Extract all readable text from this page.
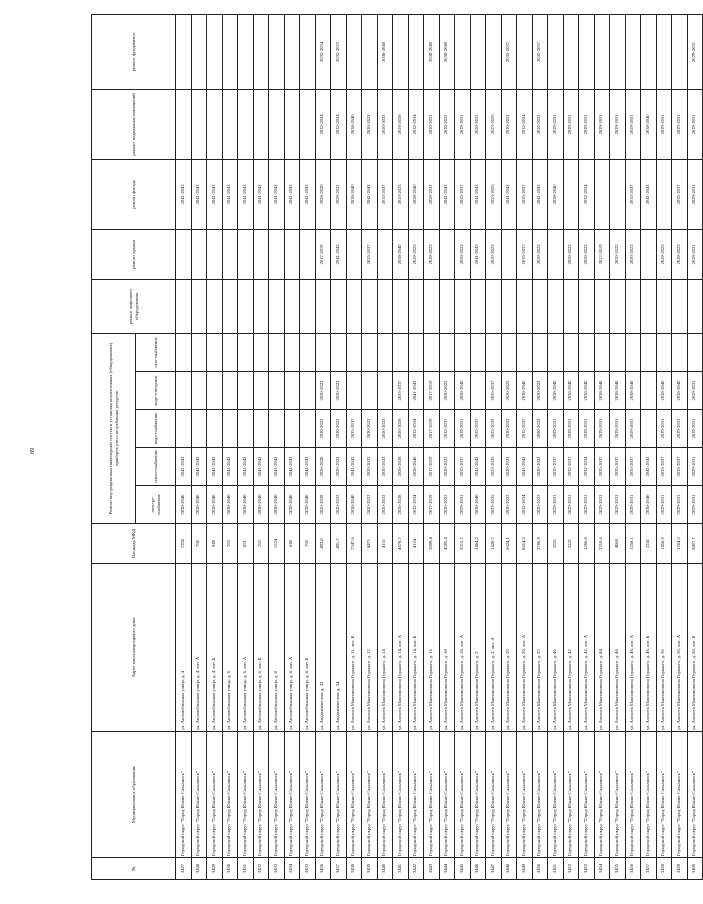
89
№	Муниципальное образование	Адрес многоквартирного дома	Площадь МКД	Ремонт внутридомовых инженерных систем и установка коллективных (общедомовых) приборов учета потребления ресурсов					ремонт лифтового оборудования	ремонт крыши	ремонт фасада	ремонт подвальных помещений	ремонт фундамента
				электро-снабжение	тепло-снабжение	водо-снабжение	водо-отведение	газо-снабжение					
3427	Городской округ "Город Южно-Сахалинск"	ул. Автомобильная улица, д. 4	1350	2038-2040	2041-2043						2041-2043		
3428	Городской округ "Город Южно-Сахалинск"	ул. Автомобильная улица, д. 4, лит. А	760	2038-2040	2041-2043						2041-2043		
3429	Городской округ "Город Южно-Сахалинск"	ул. Автомобильная улица, д. 4, лит. Б	849	2038-2040	2041-2043						2041-2043		
3430	Городской округ "Город Южно-Сахалинск"	ул. Автомобильная улица, д. 6	762	2038-2040	2041-2043						2041-2043		
3431	Городской округ "Город Южно-Сахалинск"	ул. Автомобильная улица, д. 6, лит. А	651	2038-2040	2041-2043						2041-2043		
3432	Городской округ "Город Южно-Сахалинск"	ул. Автомобильная улица, д. 6, лит. Б	762	2038-2040	2041-2043						2041-2043		
3433	Городской округ "Город Южно-Сахалинск"	ул. Автомобильная улица, д. 8	1524	2038-2040	2041-2043						2041-2043		
3434	Городской округ "Город Южно-Сахалинск"	ул. Автомобильная улица, д. 8, лит. А	648	2038-2040	2041-2043						2041-2043		
3435	Городской округ "Город Южно-Сахалинск"	ул. Автомобильная улица, д. 8, лит. Б	760	2038-2040	2041-2043						2041-2043		
3436	Городской округ "Город Южно-Сахалинск"	ул. Академическая, д. 32	493,8	2026-2028	2026-2028	2020-2022	2020-2022			2017-2019	2026-2028	2032-2034	2035-2034
3437	Городской округ "Город Южно-Сахалинск"	ул. Академическая, д. 34	491,7	2020-2022	2020-2022	2020-2022	2020-2022			2041-2043	2020-2022	2032-2034	2035-2037
3438	Городской округ "Город Южно-Сахалинск"	ул. Алексея Максимовича Горького, д. 11, лит. Б	7347,6	2038-2040	2041-2043	2035-2037					2038-2040	2038-2040	
3439	Городской округ "Город Южно-Сахалинск"	ул. Алексея Максимовича Горького, д. 12	4471	2020-2022	2020-2022	2020-2022				2035-2037	2041-2043	2020-2022	
3440	Городской округ "Город Южно-Сахалинск"	ул. Алексея Максимовича Горького, д. 14	4151	2020-2022	2020-2022	2020-2022					2035-2037	2020-2022	2038-2040
3441	Городской округ "Город Южно-Сахалинск"	ул. Алексея Максимовича Горького, д. 14, лит. А	4678,7	2026-2028	2026-2028	2026-2028	2035-2037			2038-2040	2023-2025	2026-2028	
3442	Городской округ "Город Южно-Сахалинск"	ул. Алексея Максимовича Горького, д. 14, лит. Б	4124	2032-2034	2038-2040	2032-2034	2041-2043			2020-2022	2038-2040	2032-2034	
3443	Городской округ "Город Южно-Сахалинск"	ул. Алексея Максимовича Горького, д. 16	2699,4	2017-2019	2017-2019	2017-2019	2017-2019			2020-2022	2020-2022	2020-2022	2038-2040
3444	Городской округ "Город Южно-Сахалинск"	ул. Алексея Максимовича Горького, д. 18	4395,4	2020-2022	2020-2022	2035-2037	2020-2022				2041-2043	2020-2022	2038-2040
3445	Городской округ "Город Южно-Сахалинск"	ул. Алексея Максимовича Горького, д. 18, лит. А	3215,7	2029-2031	2035-2037	2029-2031	2038-2040			2020-2022	2035-2037	2029-2031	
3446	Городской округ "Город Южно-Сахалинск"	ул. Алексея Максимовича Горького, д. 2	3464,2	2038-2040	2041-2043	2035-2037				2041-2043	2041-2043	2020-2022	
3447	Городской округ "Город Южно-Сахалинск"	ул. Алексея Максимовича Горького, д. 2, лит. А	1428,7	2023-2025	2023-2025	2023-2025	2035-2037			2020-2022	2023-2025	2023-2025	
3448	Городской округ "Город Южно-Сахалинск"	ул. Алексея Максимовича Горького, д. 20	6624,1	2020-2022	2020-2022	2020-2022	2020-2022				2041-2043	2020-2022	2035-2037
3449	Городской округ "Город Южно-Сахалинск"	ул. Алексея Максимовича Горького, д. 20, лит. А	8614,5	2032-2034	2041-2043	2035-2037	2038-2040			2035-2037	2035-2037	2032-2034	
3450	Городской округ "Город Южно-Сахалинск"	ул. Алексея Максимовича Горького, д. 22	2786,9	2020-2022	2020-2022	2020-2022	2020-2022			2020-2022	2041-2043	2020-2022	2035-2037
3451	Городской округ "Город Южно-Сахалинск"	ул. Алексея Максимовича Горького, д. 40	3551	2029-2031	2035-2037	2029-2031	2038-2040				2038-2040	2029-2031	
3452	Городской округ "Город Южно-Сахалинск"	ул. Алексея Максимовича Горького, д. 42	2221	2029-2031	2035-2037	2029-2031	2038-2040			2020-2022		2029-2031	
3453	Городской округ "Город Южно-Сахалинск"	ул. Алексея Максимовича Горького, д. 42, лит. А	1266,6	2029-2031	2032-2034	2029-2031	2038-2040			2020-2022	2032-2034	2029-2031	
3454	Городской округ "Город Южно-Сахалинск"	ул. Алексея Максимовича Горького, д. 44	2210,6	2029-2031	2035-2037	2029-2031	2038-2040			2017-2019		2029-2031	
3455	Городской округ "Город Южно-Сахалинск"	ул. Алексея Максимовича Горького, д. 46	4860	2029-2031	2035-2037	2029-2031	2038-2040			2020-2022		2029-2031	
3456	Городской округ "Город Южно-Сахалинск"	ул. Алексея Максимовича Горького, д. 46, лит. А	1258,1	2029-2031	2035-2037	2029-2031	2038-2040			2020-2022	2035-2037	2029-2031	
3457	Городской округ "Город Южно-Сахалинск"	ул. Алексея Максимовича Горького, д. 46, лит. Б	2241	2038-2040	2041-2043						2041-2043	2038-2040	
3458	Городской округ "Город Южно-Сахалинск"	ул. Алексея Максимовича Горького, д. 50	1456,9	2029-2031	2035-2037	2029-2031	2038-2040			2020-2022		2029-2031	
3459	Городской округ "Город Южно-Сахалинск"	ул. Алексея Максимовича Горького, д. 50, лит. А	1264,2	2029-2031	2035-2037	2029-2031	2038-2040			2020-2022	2035-2037	2029-2031	
3460	Городской округ "Город Южно-Сахалинск"	ул. Алексея Максимовича Горького, д. 50, лит. Б	3807,7	2029-2031	2029-2031	2029-2031	2029-2031			2029-2031	2029-2031	2029-2031	2029-2031
